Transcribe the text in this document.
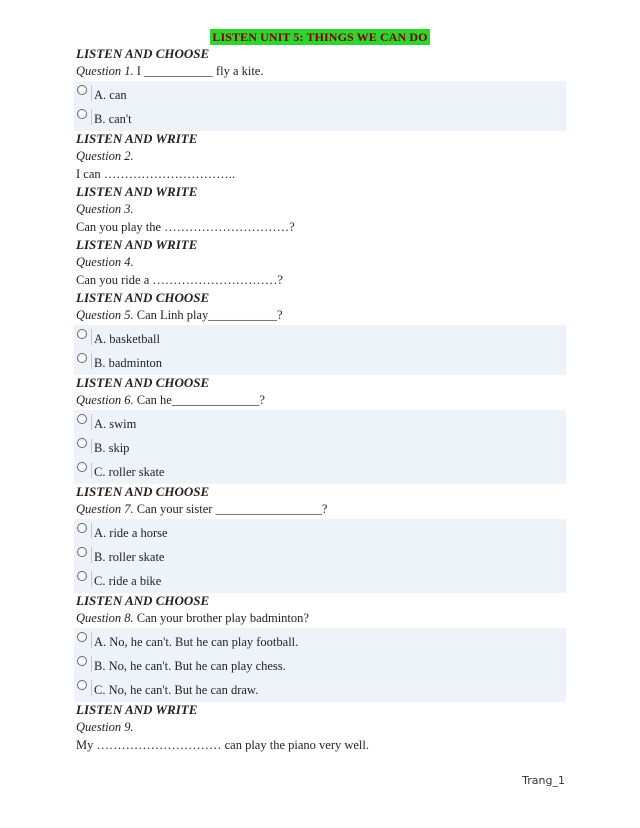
LISTEN UNIT 5: THINGS WE CAN DO
LISTEN AND CHOOSE
Question 1. I ___________ fly a kite.
A. can
B. can't
LISTEN AND WRITE
Question 2.
I can …………………………..
LISTEN AND WRITE
Question 3.
Can you play the …………………………?
LISTEN AND WRITE
Question 4.
Can you ride a …………………………?
LISTEN AND CHOOSE
Question 5. Can Linh play___________?
A. basketball
B. badminton
LISTEN AND CHOOSE
Question 6. Can he______________?
A. swim
B. skip
C. roller skate
LISTEN AND CHOOSE
Question 7. Can your sister _________________?
A. ride a horse
B. roller skate
C. ride a bike
LISTEN AND CHOOSE
Question 8. Can your brother play badminton?
A. No, he can't. But he can play football.
B. No, he can't. But he can play chess.
C. No, he can't. But he can draw.
LISTEN AND WRITE
Question 9.
My ………………………… can play the piano very well.
Trang_1
